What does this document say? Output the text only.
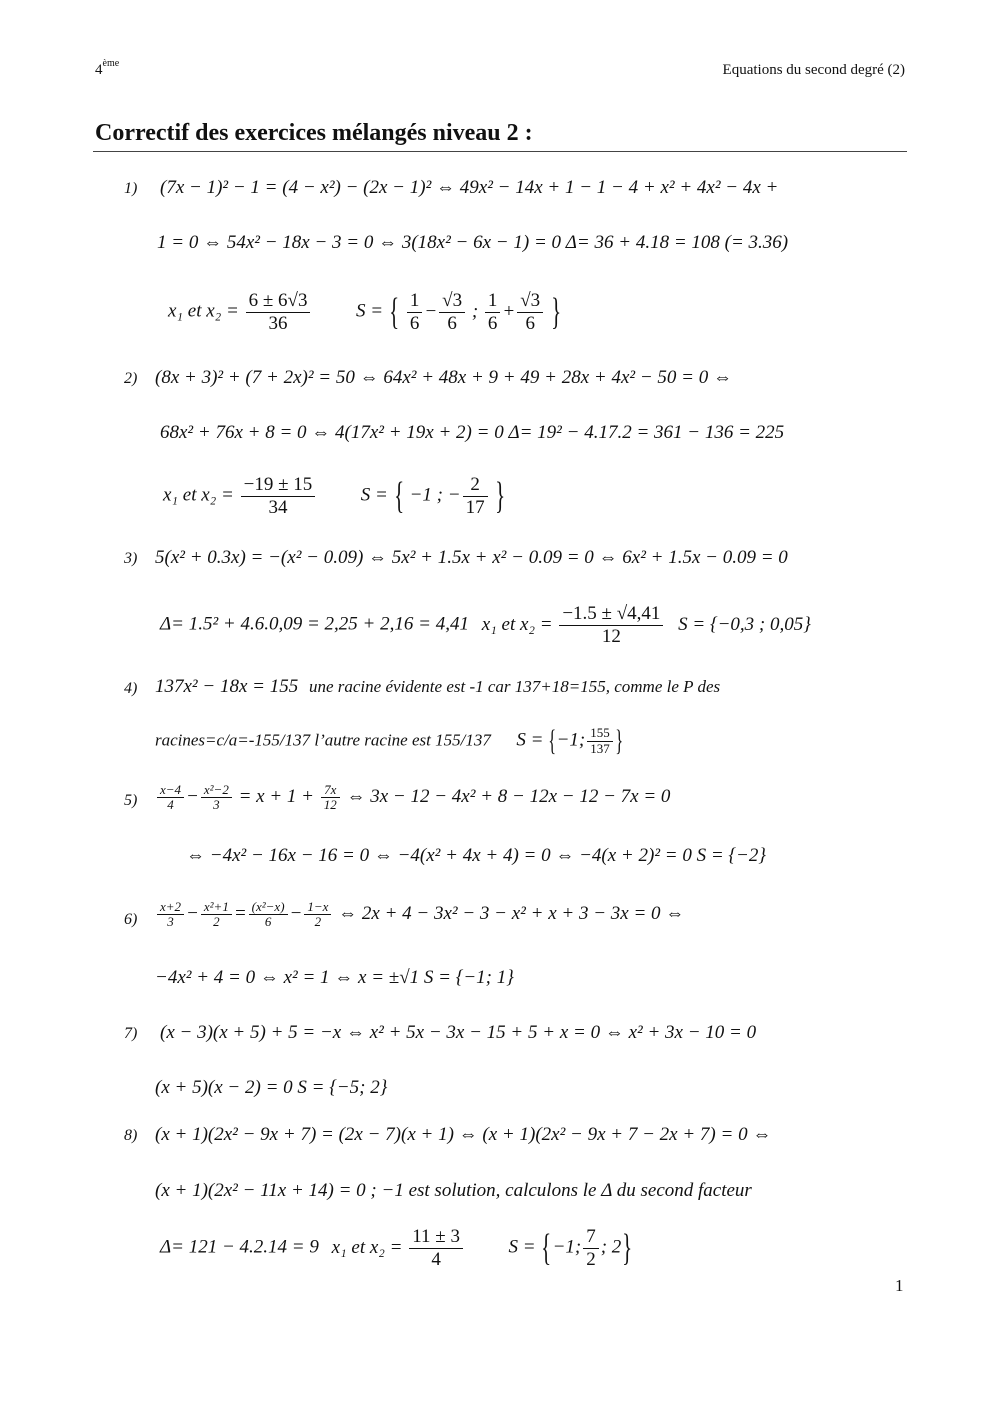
4ème	Equations du second degré (2)
Correctif des exercices mélangés niveau 2 :
1) (7x − 1)² − 1 = (4 − x²) − (2x − 1)² ⇔ 49x² − 14x + 1 − 1 − 4 + x² + 4x² − 4x +
1 = 0 ⇔ 54x² − 18x − 3 = 0 ⇔ 3(18x² − 6x − 1) = 0 Δ= 36 + 4.18 = 108 (= 3.36)
x₁ et $x_2 = \frac{6 \pm 6√3}{36}$ S = { $\frac{1}{6} - \frac{√3}{6}$ ; $\frac{1}{6} + \frac{√3}{6}$ }
2) (8x + 3)² + (7 + 2x)² = 50 ⇔ 64x² + 48x + 9 + 49 + 28x + 4x² − 50 = 0 ⇔
68x² + 76x + 8 = 0 ⇔ 4(17x² + 19x + 2) = 0 Δ= 19² − 4.17.2 = 361 − 136 = 225
x₁ et $x_2 = \frac{-19 \pm 15}{34}$ S = { −1 ; − $\frac{2}{17}$ }
3) 5(x² + 0.3x) = −(x² − 0.09) ⇔ 5x² + 1.5x + x² − 0.09 = 0 ⇔ 6x² + 1.5x − 0.09 = 0
Δ= 1.5² + 4.6.0,09 = 2,25 + 2,16 = 4,41 x₁ et $x_2 = \frac{-1.5 \pm √4,41}{12}$ S = {−0,3 ; 0,05}
4) 137x² − 18x = 155 une racine évidente est -1 car 137+18=155, comme le P des
racines=c/a=-155/137 l’autre racine est 155/137 S = {−1; $\frac{155}{137}$ }
$5) \frac{x-4}{4} - \frac{\text{x²−2}}{3} = x + 1 + \frac{7x}{12}$ ⇔ 3x − 12 − 4x² + 8 − 12x − 12 − 7x = 0
⇔ −4x² − 16x − 16 = 0 ⇔ −4(x² + 4x + 4) = 0 ⇔ −4(x + 2)² = 0 S = {−2}
$6) \frac{x+2}{3} - \frac{\text{x²+1}}{2} = \frac{\text{(x²−x)}}{6} - \frac{1-x}{2}$ ⇔ 2x + 4 − 3x² − 3 − x² + x + 3 − 3x = 0 ⇔
−4x² + 4 = 0 ⇔ x² = 1 ⇔ x = ±√1 S = {−1; 1}
7) (x − 3)(x + 5) + 5 = −x ⇔ x² + 5x − 3x − 15 + 5 + x = 0 ⇔ x² + 3x − 10 = 0
(x + 5)(x − 2) = 0 S = {−5; 2}
8) (x + 1)(2x² − 9x + 7) = (2x − 7)(x + 1) ⇔ (x + 1)(2x² − 9x + 7 − 2x + 7) = 0 ⇔
(x + 1)(2x² − 11x + 14) = 0 ; −1 est solution, calculons le Δ du second facteur
Δ= 121 − 4.2.14 = 9 x₁ et $x_2 = \frac{11 \pm 3}{4}$ S = {−1; $\frac{7}{2}$ ; 2}
1
